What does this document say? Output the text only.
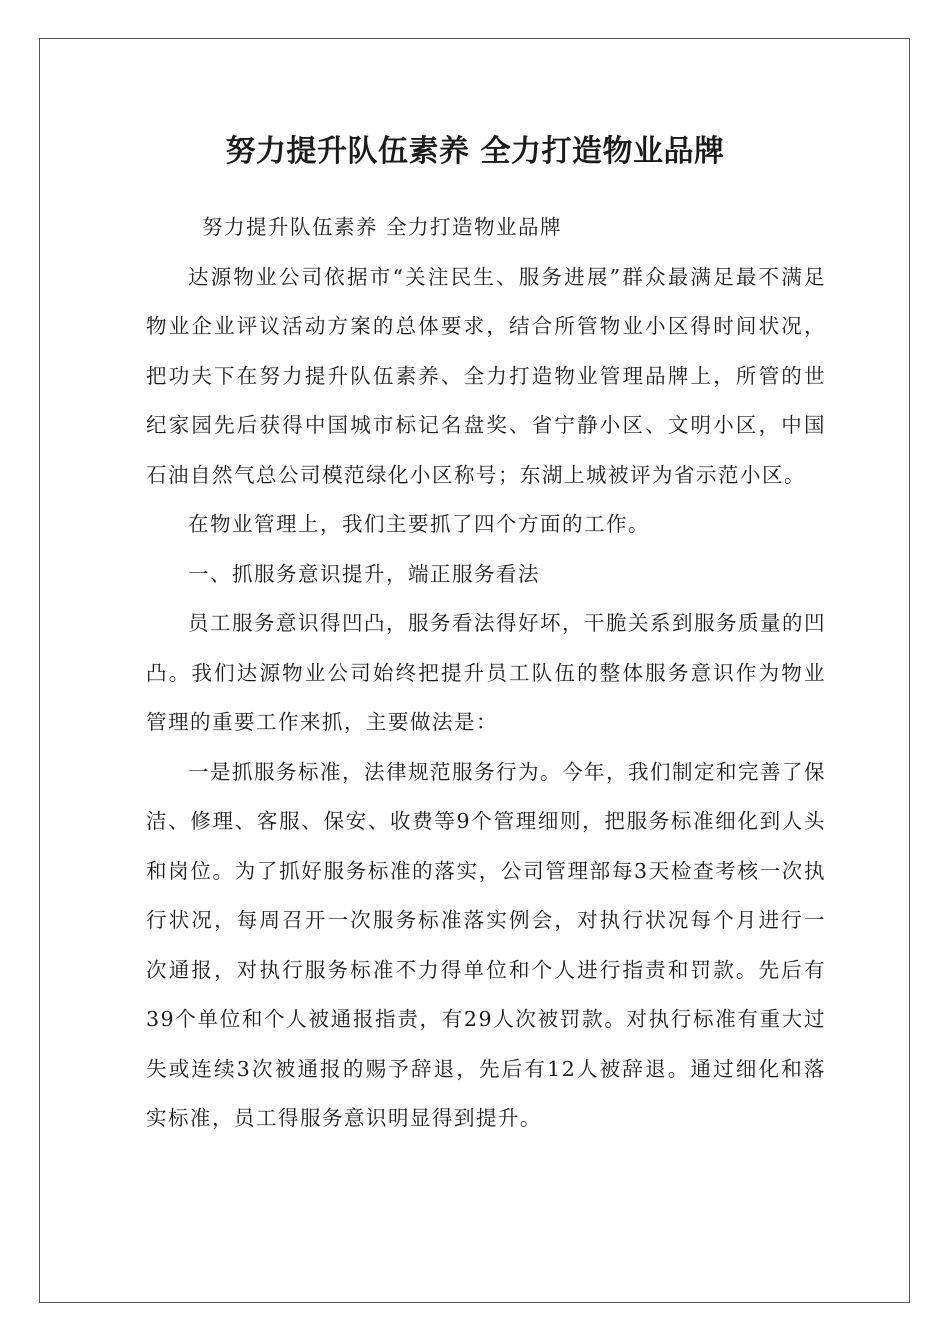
努力提升队伍素养 全力打造物业品牌

努力提升队伍素养 全力打造物业品牌

达源物业公司依据市“关注民生、服务进展”群众最满足最不满足物业企业评议活动方案的总体要求，结合所管物业小区得时间状况，把功夫下在努力提升队伍素养、全力打造物业管理品牌上，所管的世纪家园先后获得中国城市标记名盘奖、省宁静小区、文明小区，中国石油自然气总公司模范绿化小区称号；东湖上城被评为省示范小区。

在物业管理上，我们主要抓了四个方面的工作。

一、抓服务意识提升，端正服务看法

员工服务意识得凹凸，服务看法得好坏，干脆关系到服务质量的凹凸。我们达源物业公司始终把提升员工队伍的整体服务意识作为物业管理的重要工作来抓，主要做法是：

一是抓服务标准，法律规范服务行为。今年，我们制定和完善了保洁、修理、客服、保安、收费等9个管理细则，把服务标准细化到人头和岗位。为了抓好服务标准的落实，公司管理部每3天检查考核一次执行状况，每周召开一次服务标准落实例会，对执行状况每个月进行一次通报，对执行服务标准不力得单位和个人进行指责和罚款。先后有39个单位和个人被通报指责，有29人次被罚款。对执行标准有重大过失或连续3次被通报的赐予辞退，先后有12人被辞退。通过细化和落实标准，员工得服务意识明显得到提升。
